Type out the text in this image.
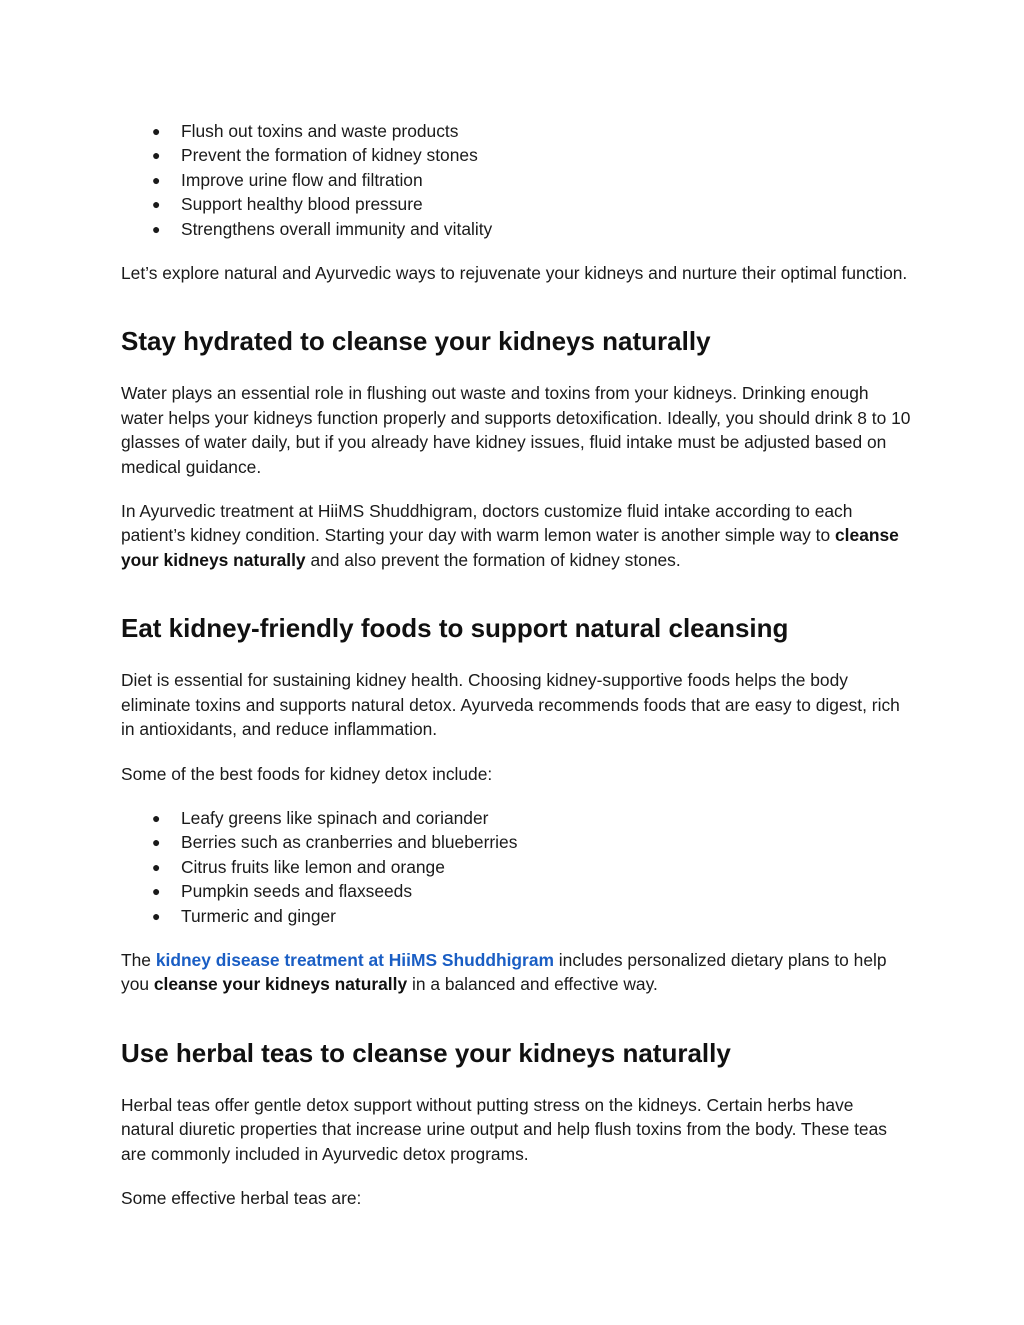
● Flush out toxins and waste products
● Prevent the formation of kidney stones
● Improve urine flow and filtration
● Support healthy blood pressure
● Strengthens overall immunity and vitality

Let’s explore natural and Ayurvedic ways to rejuvenate your kidneys and nurture their optimal function.

Stay hydrated to cleanse your kidneys naturally

Water plays an essential role in flushing out waste and toxins from your kidneys. Drinking enough water helps your kidneys function properly and supports detoxification. Ideally, you should drink 8 to 10 glasses of water daily, but if you already have kidney issues, fluid intake must be adjusted based on medical guidance.

In Ayurvedic treatment at HiiMS Shuddhigram, doctors customize fluid intake according to each patient’s kidney condition. Starting your day with warm lemon water is another simple way to cleanse your kidneys naturally and also prevent the formation of kidney stones.

Eat kidney-friendly foods to support natural cleansing

Diet is essential for sustaining kidney health. Choosing kidney-supportive foods helps the body eliminate toxins and supports natural detox. Ayurveda recommends foods that are easy to digest, rich in antioxidants, and reduce inflammation.

Some of the best foods for kidney detox include:

● Leafy greens like spinach and coriander
● Berries such as cranberries and blueberries
● Citrus fruits like lemon and orange
● Pumpkin seeds and flaxseeds
● Turmeric and ginger

The kidney disease treatment at HiiMS Shuddhigram includes personalized dietary plans to help you cleanse your kidneys naturally in a balanced and effective way.

Use herbal teas to cleanse your kidneys naturally

Herbal teas offer gentle detox support without putting stress on the kidneys. Certain herbs have natural diuretic properties that increase urine output and help flush toxins from the body. These teas are commonly included in Ayurvedic detox programs.

Some effective herbal teas are:
